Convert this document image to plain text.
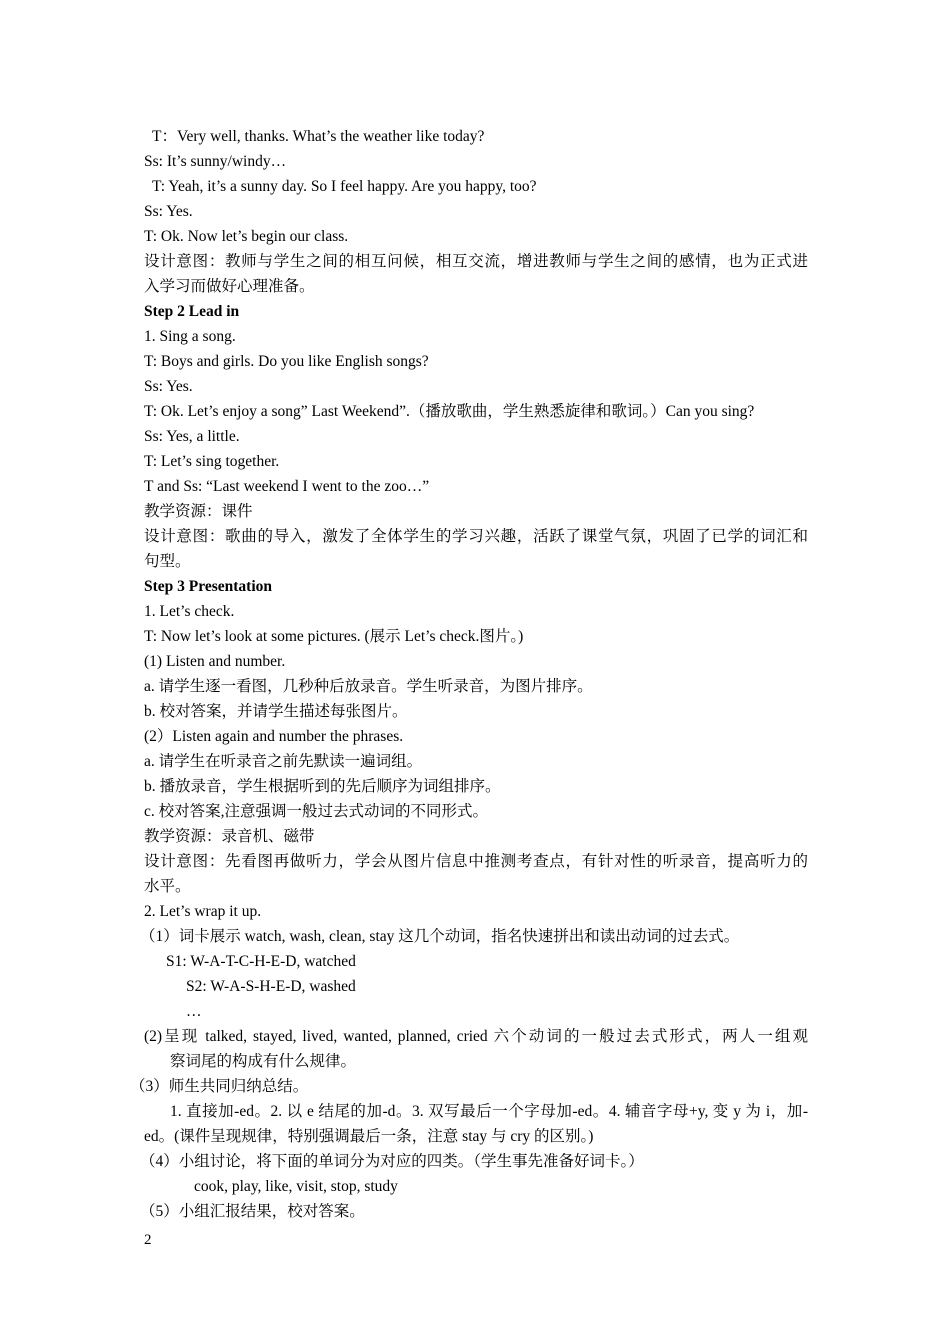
T：Very well, thanks. What’s the weather like today?
Ss: It’s sunny/windy…
T: Yeah, it’s a sunny day. So I feel happy. Are you happy, too?
Ss: Yes.
T: Ok. Now let’s begin our class.
设计意图：教师与学生之间的相互问候，相互交流，增进教师与学生之间的感情，也为正式进
入学习而做好心理准备。
Step 2 Lead in
1. Sing a song.
T: Boys and girls. Do you like English songs?
Ss: Yes.
T: Ok. Let’s enjoy a song” Last Weekend”.（播放歌曲，学生熟悉旋律和歌词。）Can you sing?
Ss: Yes, a little.
T: Let’s sing together.
T and Ss: “Last weekend I went to the zoo…”
教学资源：课件
设计意图：歌曲的导入，激发了全体学生的学习兴趣，活跃了课堂气氛，巩固了已学的词汇和
句型。
Step 3 Presentation
1. Let’s check.
T: Now let’s look at some pictures. (展示 Let’s check.图片。)
(1) Listen and number.
a. 请学生逐一看图，几秒种后放录音。学生听录音，为图片排序。
b. 校对答案，并请学生描述每张图片。
(2）Listen again and number the phrases.
a. 请学生在听录音之前先默读一遍词组。
b. 播放录音，学生根据听到的先后顺序为词组排序。
c. 校对答案,注意强调一般过去式动词的不同形式。
教学资源：录音机、磁带
设计意图：先看图再做听力，学会从图片信息中推测考查点，有针对性的听录音，提高听力的
水平。
2. Let’s wrap it up.
（1）词卡展示 watch, wash, clean, stay 这几个动词，指名快速拼出和读出动词的过去式。
S1: W-A-T-C-H-E-D, watched
S2: W-A-S-H-E-D, washed
…
(2)呈现 talked, stayed, lived, wanted, planned, cried 六个动词的一般过去式形式，两人一组观
察词尾的构成有什么规律。
（3）师生共同归纳总结。
1. 直接加-ed。2. 以 e 结尾的加-d。3. 双写最后一个字母加-ed。4. 辅音字母+y, 变 y 为 i，加-
ed。(课件呈现规律，特别强调最后一条，注意 stay 与 cry 的区别。)
（4）小组讨论，将下面的单词分为对应的四类。（学生事先准备好词卡。）
cook, play, like, visit, stop, study
（5）小组汇报结果，校对答案。
2
